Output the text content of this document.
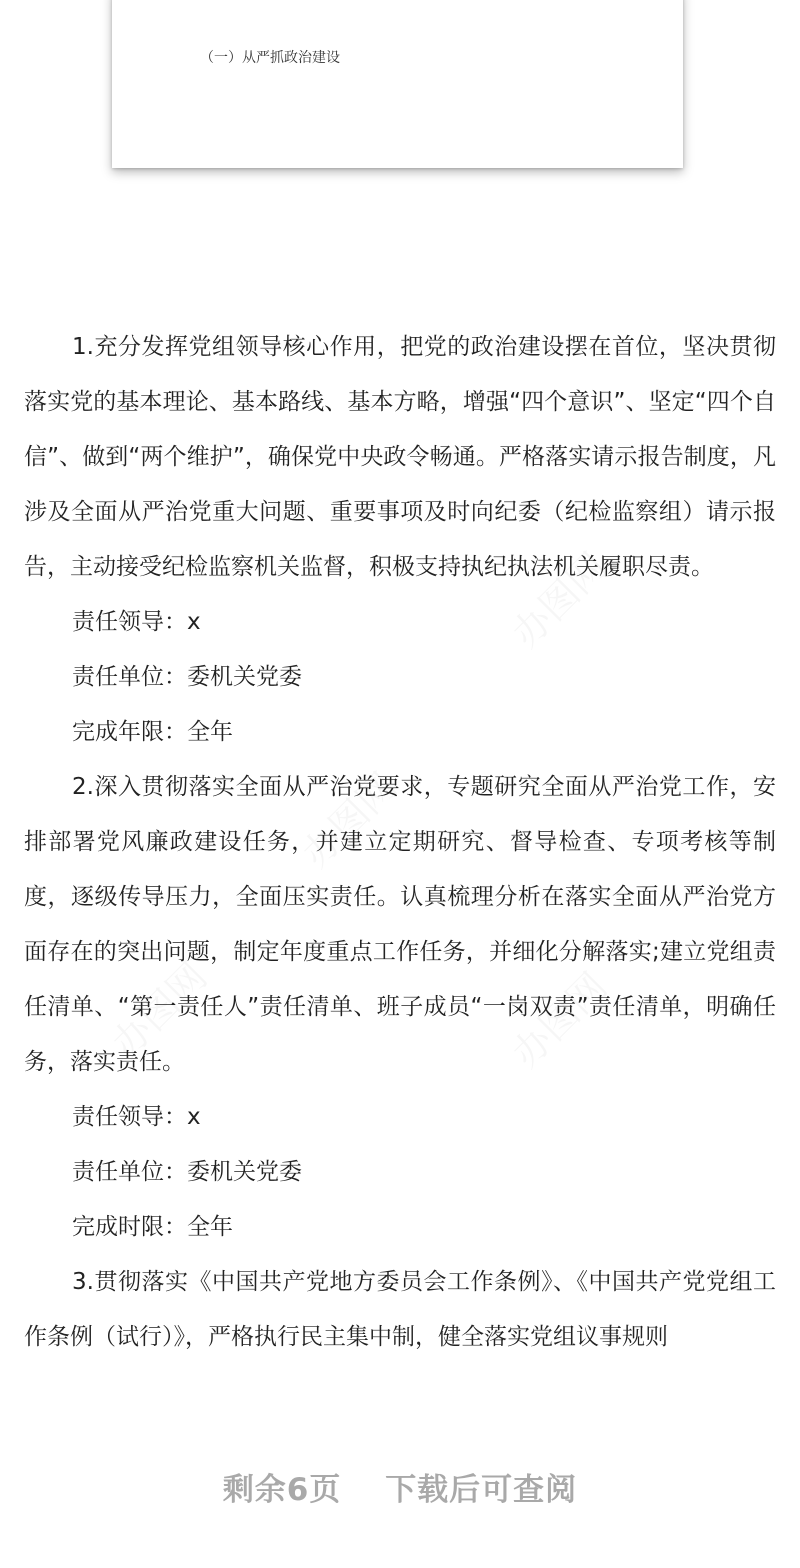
（一）从严抓政治建设

1.充分发挥党组领导核心作用，把党的政治建设摆在首位，坚决贯彻落实党的基本理论、基本路线、基本方略，增强“四个意识”、坚定“四个自信”、做到“两个维护”，确保党中央政令畅通。严格落实请示报告制度，凡涉及全面从严治党重大问题、重要事项及时向纪委（纪检监察组）请示报告，主动接受纪检监察机关监督，积极支持执纪执法机关履职尽责。

责任领导：x

责任单位：委机关党委

完成年限：全年

2.深入贯彻落实全面从严治党要求，专题研究全面从严治党工作，安排部署党风廉政建设任务，并建立定期研究、督导检查、专项考核等制度，逐级传导压力，全面压实责任。认真梳理分析在落实全面从严治党方面存在的突出问题，制定年度重点工作任务，并细化分解落实;建立党组责任清单、“第一责任人”责任清单、班子成员“一岗双责”责任清单，明确任务，落实责任。

责任领导：x

责任单位：委机关党委

完成时限：全年

3.贯彻落实《中国共产党地方委员会工作条例》、《中国共产党党组工作条例（试行）》，严格执行民主集中制，健全落实党组议事规则

剩余6页 下载后可查阅
